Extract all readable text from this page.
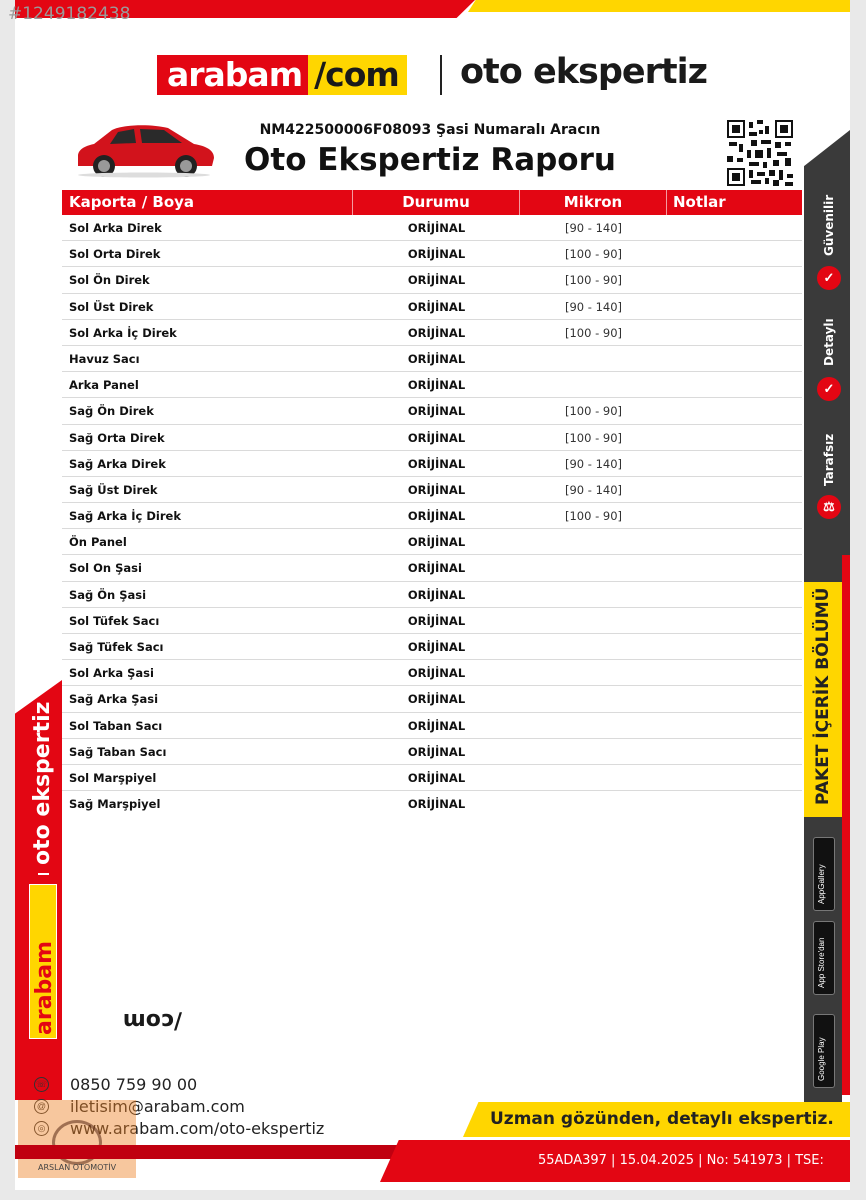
#1249182438
arabam /com oto ekspertiz
NM422500006F08093 Şasi Numaralı Aracın
Oto Ekspertiz Raporu
Kaporta / Boya	Durumu	Mikron	Notlar
Sol Arka Direk	ORİJİNAL	[90 - 140]
Sol Orta Direk	ORİJİNAL	[100 - 90]
Sol Ön Direk	ORİJİNAL	[100 - 90]
Sol Üst Direk	ORİJİNAL	[90 - 140]
Sol Arka İç Direk	ORİJİNAL	[100 - 90]
Havuz Sacı	ORİJİNAL
Arka Panel	ORİJİNAL
Sağ Ön Direk	ORİJİNAL	[100 - 90]
Sağ Orta Direk	ORİJİNAL	[100 - 90]
Sağ Arka Direk	ORİJİNAL	[90 - 140]
Sağ Üst Direk	ORİJİNAL	[90 - 140]
Sağ Arka İç Direk	ORİJİNAL	[100 - 90]
Ön Panel	ORİJİNAL
Sol On Şasi	ORİJİNAL
Sağ Ön Şasi	ORİJİNAL
Sol Tüfek Sacı	ORİJİNAL
Sağ Tüfek Sacı	ORİJİNAL
Sol Arka Şasi	ORİJİNAL
Sağ Arka Şasi	ORİJİNAL
Sol Taban Sacı	ORİJİNAL
Sağ Taban Sacı	ORİJİNAL
Sol Marşpiyel	ORİJİNAL
Sağ Marşpiyel	ORİJİNAL
Güvenilir
✓
Detaylı
✓
Tarafsız
⚖
PAKET İÇERİK BÖLÜMÜ
AppGallery
App Store'dan
Google Play
oto ekspertiz
arabam	/com
☏ 0850 759 90 00
@ iletisim@arabam.com
◎ www.arabam.com/oto-ekspertiz
ARSLAN OTOMOTİV
Uzman gözünden, detaylı ekspertiz.
55ADA397 | 15.04.2025 | No: 541973 | TSE:
